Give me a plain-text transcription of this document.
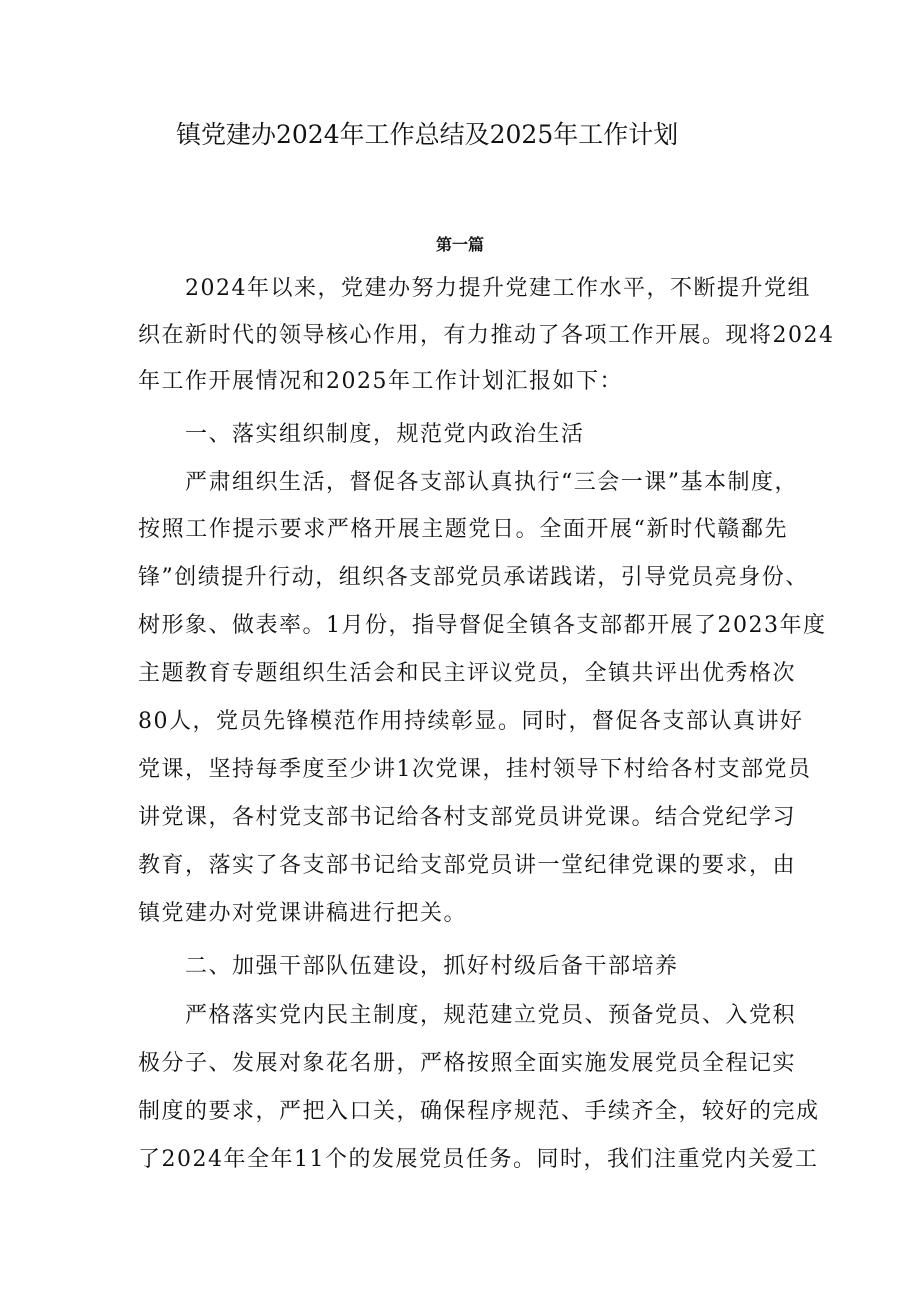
镇党建办2024年工作总结及2025年工作计划
第一篇
　　2024年以来，党建办努力提升党建工作水平，不断提升党组
织在新时代的领导核心作用，有力推动了各项工作开展。现将2024
年工作开展情况和2025年工作计划汇报如下：
　　一、落实组织制度，规范党内政治生活
　　严肃组织生活，督促各支部认真执行“三会一课”基本制度，
按照工作提示要求严格开展主题党日。全面开展“新时代赣鄱先
锋”创绩提升行动，组织各支部党员承诺践诺，引导党员亮身份、
树形象、做表率。1月份，指导督促全镇各支部都开展了2023年度
主题教育专题组织生活会和民主评议党员，全镇共评出优秀格次
80人，党员先锋模范作用持续彰显。同时，督促各支部认真讲好
党课，坚持每季度至少讲1次党课，挂村领导下村给各村支部党员
讲党课，各村党支部书记给各村支部党员讲党课。结合党纪学习
教育，落实了各支部书记给支部党员讲一堂纪律党课的要求，由
镇党建办对党课讲稿进行把关。
　　二、加强干部队伍建设，抓好村级后备干部培养
　　严格落实党内民主制度，规范建立党员、预备党员、入党积
极分子、发展对象花名册，严格按照全面实施发展党员全程记实
制度的要求，严把入口关，确保程序规范、手续齐全，较好的完成
了2024年全年11个的发展党员任务。同时，我们注重党内关爱工
